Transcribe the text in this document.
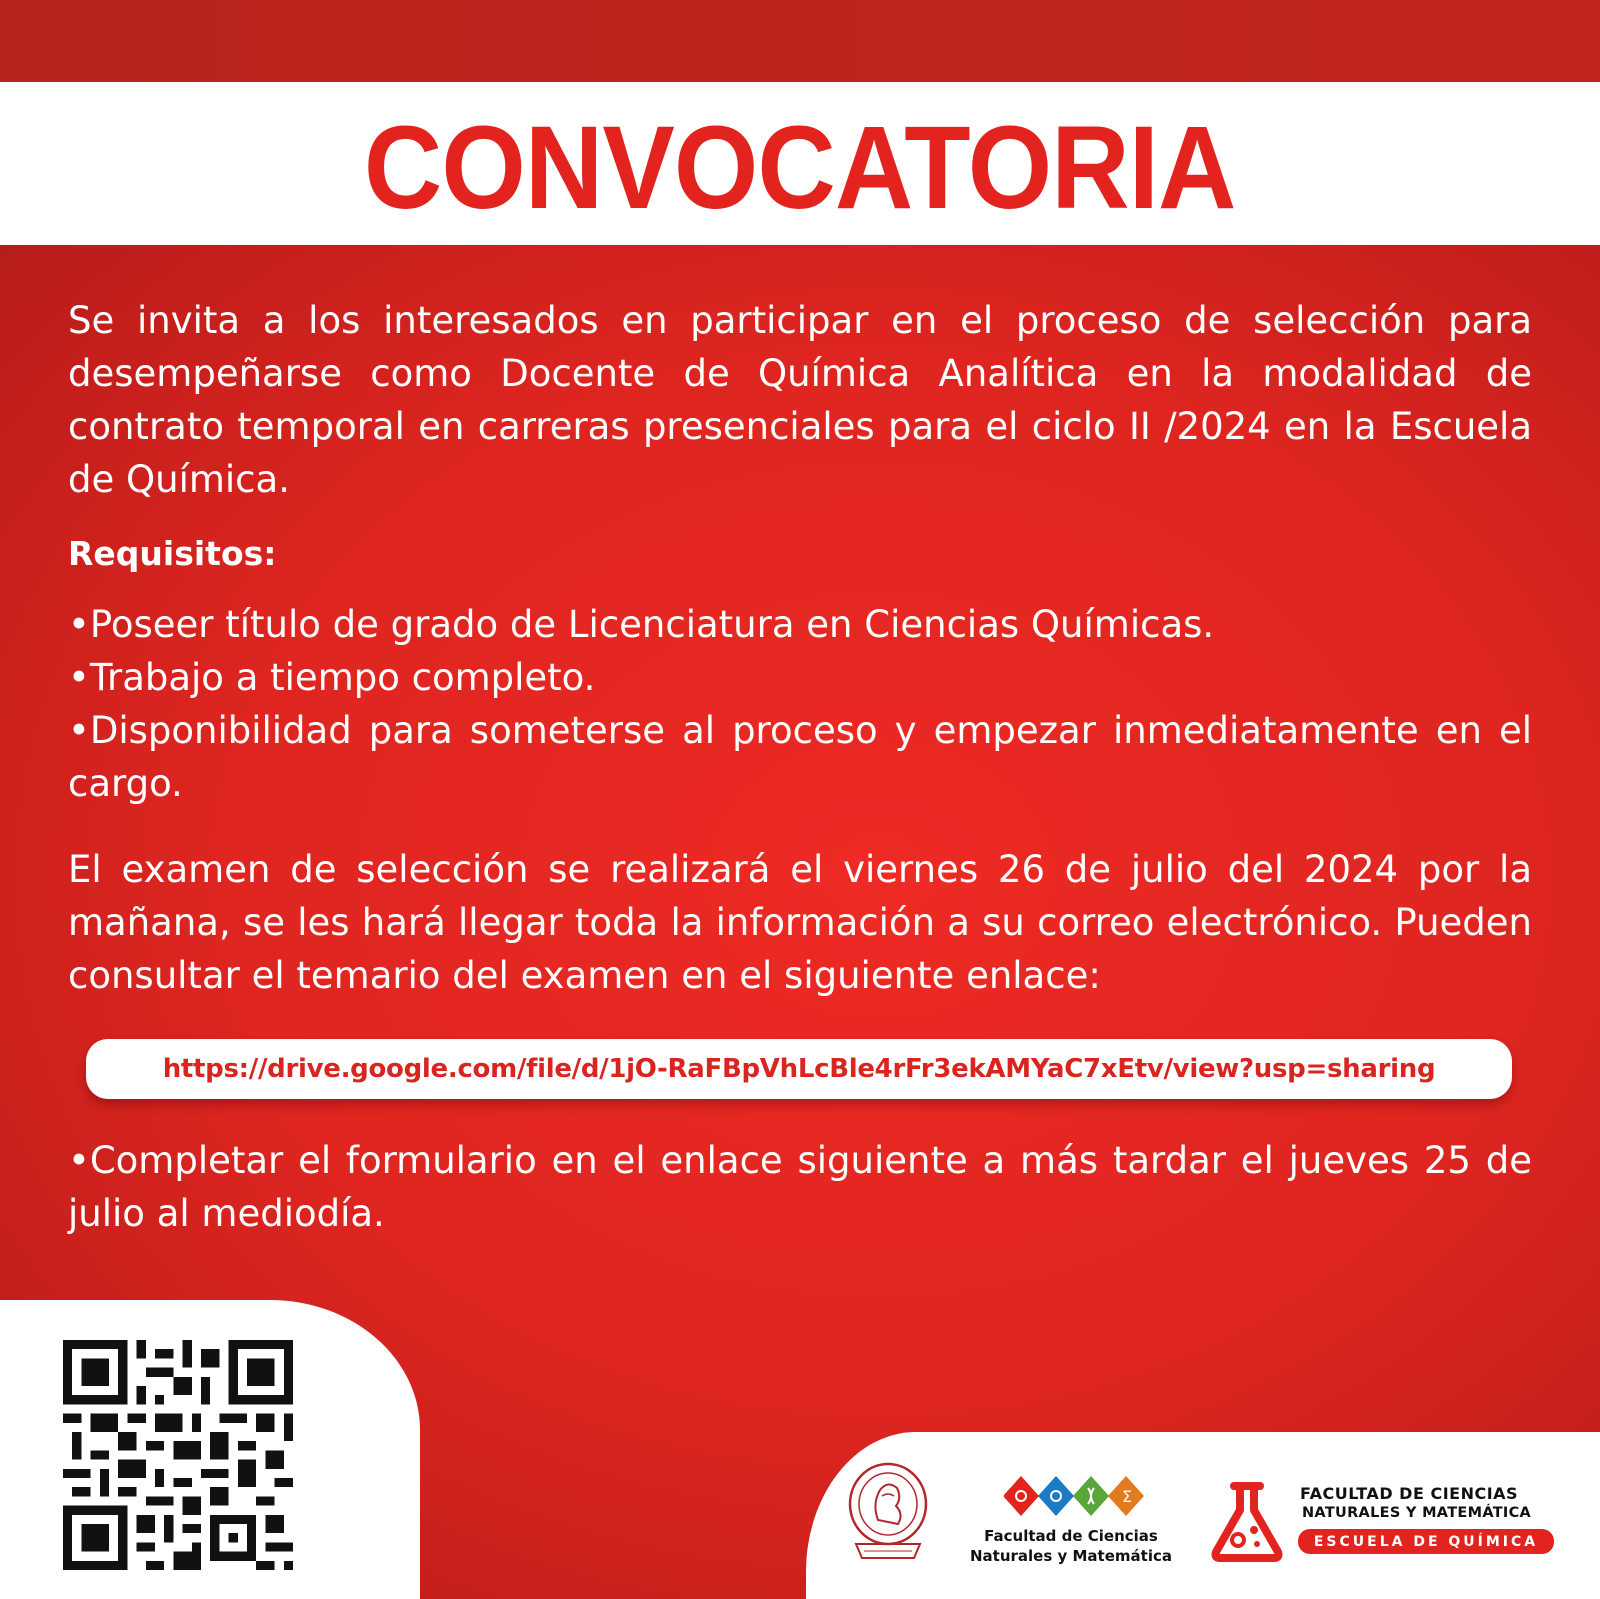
CONVOCATORIA
Se invita a los interesados en participar en el proceso de selección para desempeñarse como Docente de Química Analítica en la modalidad de contrato temporal en carreras presenciales para el ciclo II /2024 en la Escuela de Química.
Requisitos:
•Poseer título de grado de Licenciatura en Ciencias Químicas.
•Trabajo a tiempo completo.
•Disponibilidad para someterse al proceso y empezar inmediatamente en el cargo.
El examen de selección se realizará el viernes 26 de julio del 2024 por la mañana, se les hará llegar toda la información a su correo electrónico. Pueden consultar el temario del examen en el siguiente enlace:
https://drive.google.com/file/d/1jO-RaFBpVhLcBle4rFr3ekAMYaC7xEtv/view?usp=sharing
•Completar el formulario en el enlace siguiente a más tardar el jueves 25 de julio al mediodía.
Σ
Facultad de Ciencias
Naturales y Matemática
FACULTAD DE CIENCIAS
NATURALES Y MATEMÁTICA
ESCUELA DE QUÍMICA
